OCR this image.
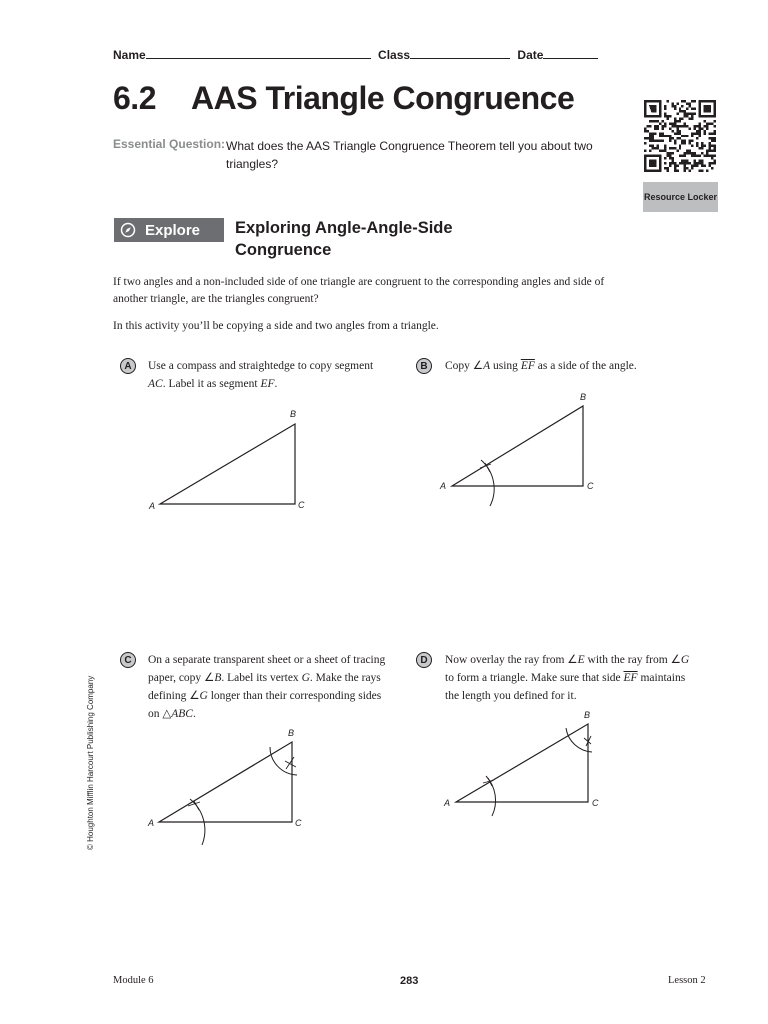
Name	Class	Date
6.2 AAS Triangle Congruence
Essential Question: What does the AAS Triangle Congruence Theorem tell you about two triangles?
Resource Locker
Explore Exploring Angle-Angle-Side Congruence
If two angles and a non-included side of one triangle are congruent to the corresponding angles and side of another triangle, are the triangles congruent?
In this activity you’ll be copying a side and two angles from a triangle.
A	Use a compass and straightedge to copy segment AC. Label it as segment EF.
A
B
C
B	Copy ∠A using $\overline{EF}$ as a side of the angle.
A
B
C
C	On a separate transparent sheet or a sheet of tracing paper, copy ∠B. Label its vertex G. Make the rays defining ∠G longer than their corresponding sides on △ABC.
A
B
C
D	Now overlay the ray from ∠E with the ray from ∠G to form a triangle. Make sure that side $\overline{EF}$ maintains the length you defined for it.
A
B
C
© Houghton Mifflin Harcourt Publishing Company
Module 6	283	Lesson 2
